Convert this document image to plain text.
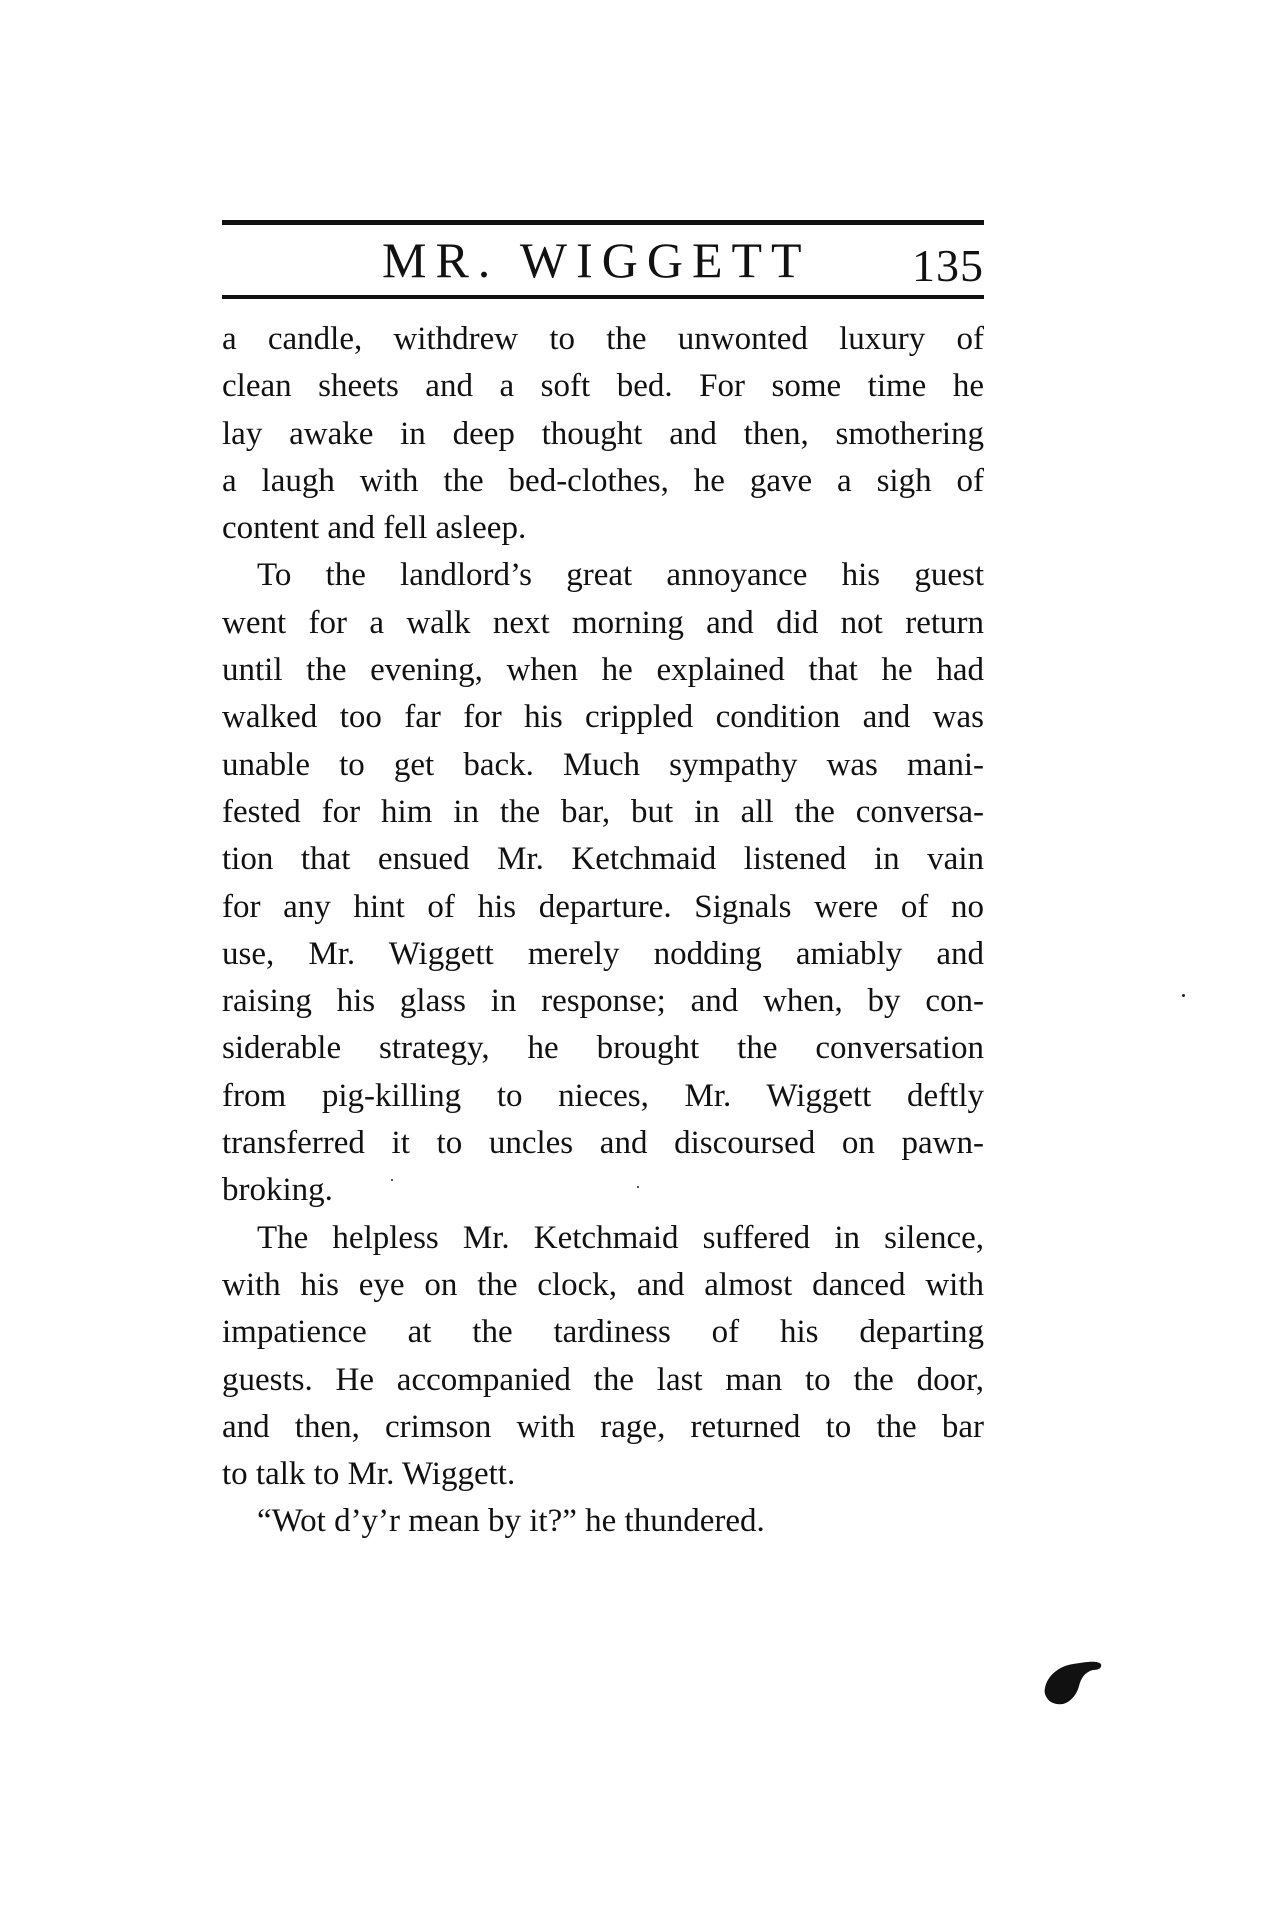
MR. WIGGETT 135
a candle, withdrew to the unwonted luxury of
clean sheets and a soft bed. For some time he
lay awake in deep thought and then, smothering
a laugh with the bed-clothes, he gave a sigh of
content and fell asleep.
To the landlord’s great annoyance his guest
went for a walk next morning and did not return
until the evening, when he explained that he had
walked too far for his crippled condition and was
unable to get back. Much sympathy was mani-
fested for him in the bar, but in all the conversa-
tion that ensued Mr. Ketchmaid listened in vain
for any hint of his departure. Signals were of no
use, Mr. Wiggett merely nodding amiably and
raising his glass in response; and when, by con-
siderable strategy, he brought the conversation
from pig-killing to nieces, Mr. Wiggett deftly
transferred it to uncles and discoursed on pawn-
broking.
The helpless Mr. Ketchmaid suffered in silence,
with his eye on the clock, and almost danced with
impatience at the tardiness of his departing
guests. He accompanied the last man to the door,
and then, crimson with rage, returned to the bar
to talk to Mr. Wiggett.
“Wot d’y’r mean by it?” he thundered.
